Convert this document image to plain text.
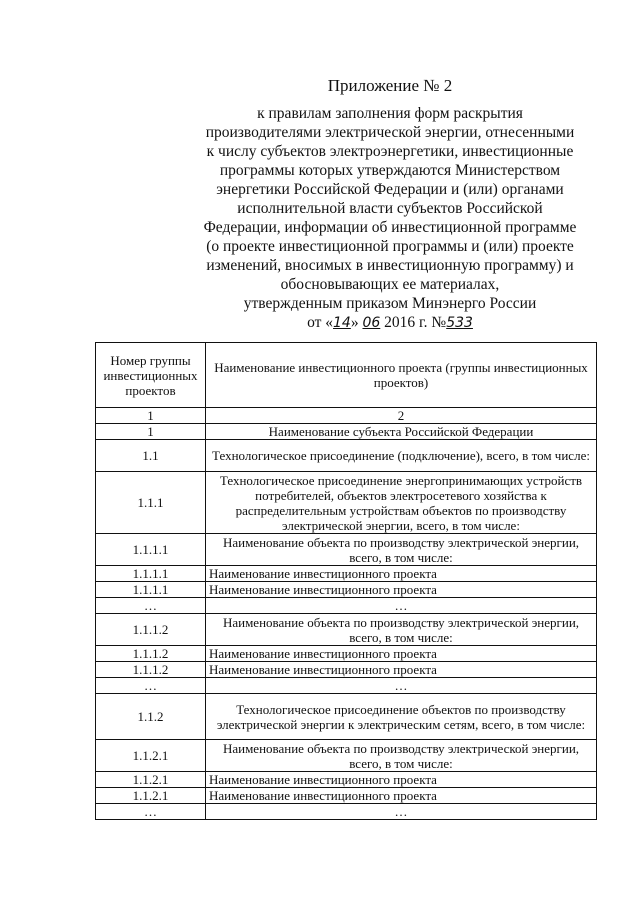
Приложение № 2
к правилам заполнения форм раскрытия
производителями электрической энергии, отнесенными
к числу субъектов электроэнергетики, инвестиционные
программы которых утверждаются Министерством
энергетики Российской Федерации и (или) органами
исполнительной власти субъектов Российской
Федерации, информации об инвестиционной программе
(о проекте инвестиционной программы и (или) проекте
изменений, вносимых в инвестиционную программу) и
обосновывающих ее материалах,
утвержденным приказом Минэнерго России
от «14» 06 2016 г. №533
Номер группы инвестиционных проектов	Наименование инвестиционного проекта (группы инвестиционных проектов)
1	2
1	Наименование субъекта Российской Федерации
1.1	Технологическое присоединение (подключение), всего, в том числе:
1.1.1	Технологическое присоединение энергопринимающих устройств потребителей, объектов электросетевого хозяйства к распределительным устройствам объектов по производству электрической энергии, всего, в том числе:
1.1.1.1	Наименование объекта по производству электрической энергии, всего, в том числе:
1.1.1.1	Наименование инвестиционного проекта
1.1.1.1	Наименование инвестиционного проекта
…	…
1.1.1.2	Наименование объекта по производству электрической энергии, всего, в том числе:
1.1.1.2	Наименование инвестиционного проекта
1.1.1.2	Наименование инвестиционного проекта
…	…
1.1.2	Технологическое присоединение объектов по производству электрической энергии к электрическим сетям, всего, в том числе:
1.1.2.1	Наименование объекта по производству электрической энергии, всего, в том числе:
1.1.2.1	Наименование инвестиционного проекта
1.1.2.1	Наименование инвестиционного проекта
…	…
